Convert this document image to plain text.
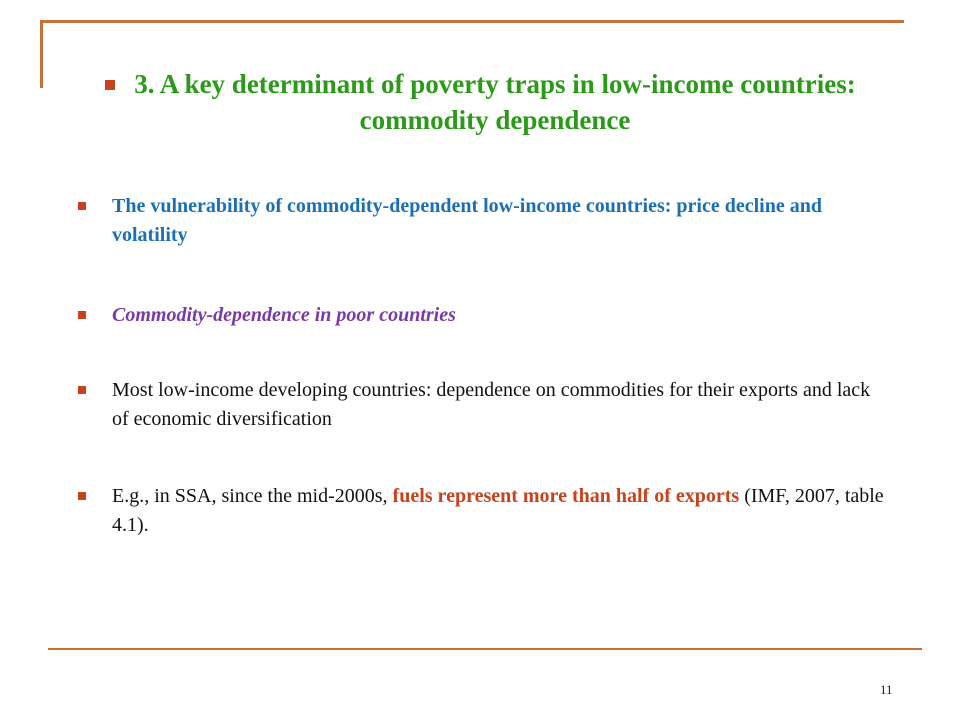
3. A key determinant of poverty traps in low-income countries: commodity dependence
The vulnerability of commodity-dependent low-income countries: price decline and volatility
Commodity-dependence in poor countries
Most low-income developing countries: dependence on commodities for their exports and lack of economic diversification
E.g., in SSA, since the mid-2000s, fuels represent more than half of exports (IMF, 2007, table 4.1).
11
